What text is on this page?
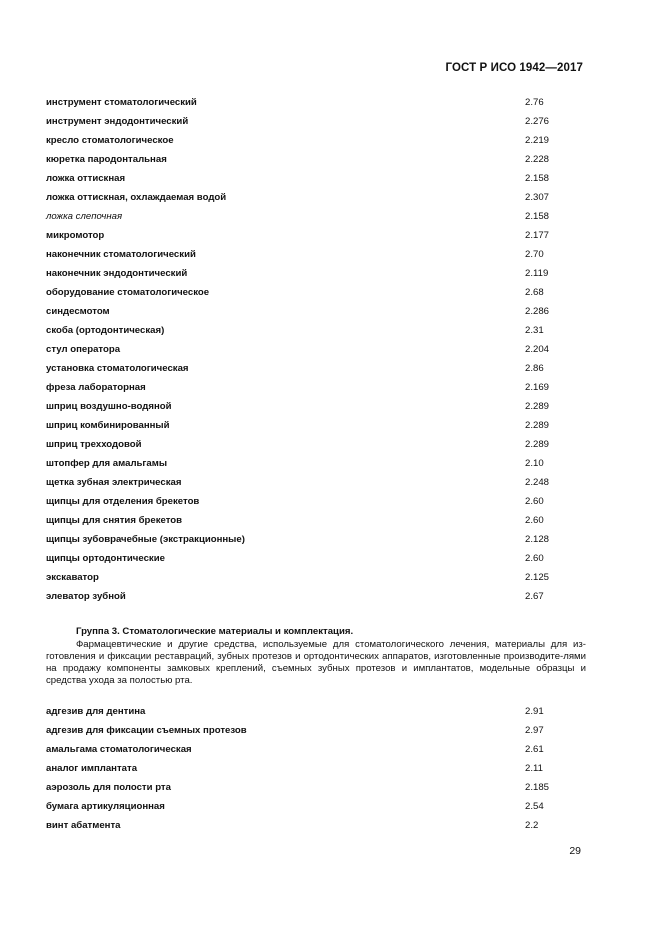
ГОСТ Р ИСО 1942—2017
инструмент стоматологический	2.76
инструмент эндодонтический	2.276
кресло стоматологическое	2.219
кюретка пародонтальная	2.228
ложка оттискная	2.158
ложка оттискная, охлаждаемая водой	2.307
ложка слепочная	2.158
микромотор	2.177
наконечник стоматологический	2.70
наконечник эндодонтический	2.119
оборудование стоматологическое	2.68
синдесмотом	2.286
скоба (ортодонтическая)	2.31
стул оператора	2.204
установка стоматологическая	2.86
фреза лабораторная	2.169
шприц воздушно-водяной	2.289
шприц комбинированный	2.289
шприц трехходовой	2.289
штопфер для амальгамы	2.10
щетка зубная электрическая	2.248
щипцы для отделения брекетов	2.60
щипцы для снятия брекетов	2.60
щипцы зубоврачебные (экстракционные)	2.128
щипцы ортодонтические	2.60
экскаватор	2.125
элеватор зубной	2.67
Группа 3. Стоматологические материалы и комплектация.
Фармацевтические и другие средства, используемые для стоматологического лечения, материалы для из-готовления и фиксации реставраций, зубных протезов и ортодонтических аппаратов, изготовленные производите-лями на продажу компоненты замковых креплений, съемных зубных протезов и имплантатов, модельные образцы и средства ухода за полостью рта.
адгезив для дентина	2.91
адгезив для фиксации съемных протезов	2.97
амальгама стоматологическая	2.61
аналог имплантата	2.11
аэрозоль для полости рта	2.185
бумага артикуляционная	2.54
винт абатмента	2.2
29
